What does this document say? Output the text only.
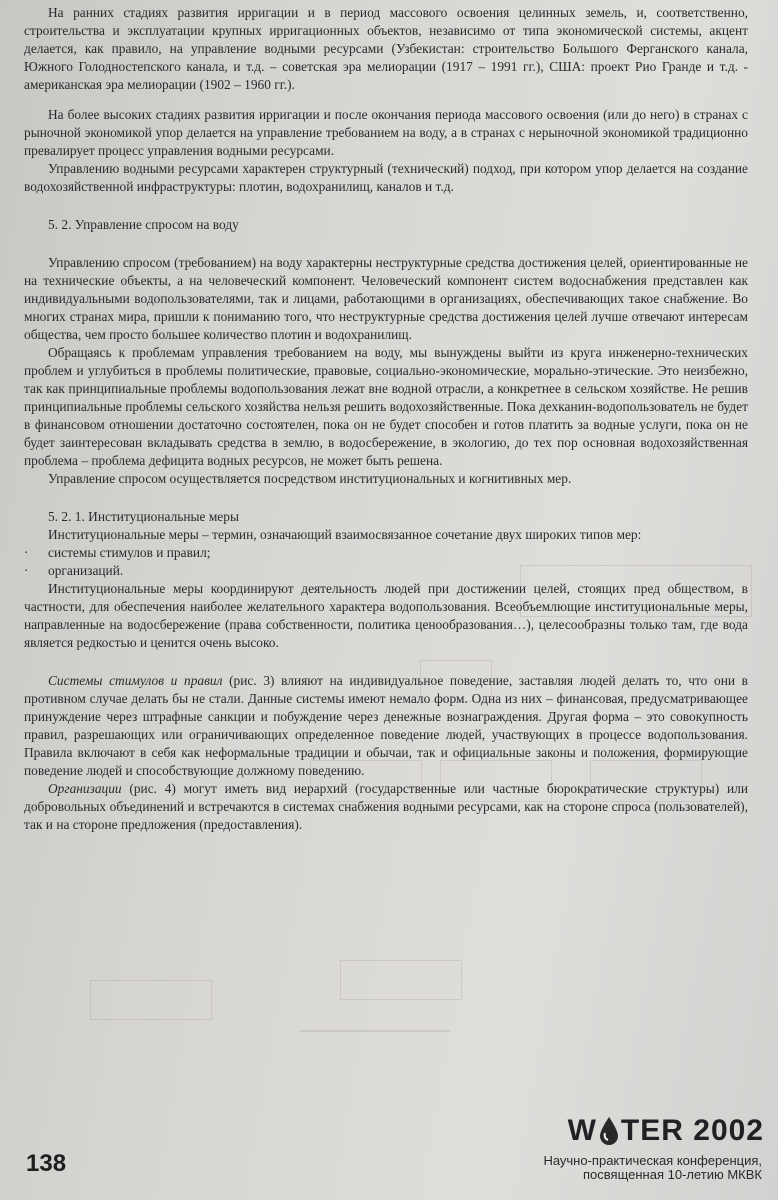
На ранних стадиях развития ирригации и в период массового освоения целинных земель, и, соответственно, строительства и эксплуатации крупных ирригационных объектов, независимо от типа экономической системы, акцент делается, как правило, на управление водными ресурсами (Узбекистан: строительство Большого Ферганского канала, Южного Голодностепского канала, и т.д. – советская эра мелиорации (1917 – 1991 гг.), США: проект Рио Гранде и т.д. - американская эра мелиорации (1902 – 1960 гг.).

На более высоких стадиях развития ирригации и после окончания периода массового освоения (или до него) в странах с рыночной экономикой упор делается на управление требованием на воду, а в странах с нерыночной экономикой традиционно превалирует процесс управления водными ресурсами.

Управлению водными ресурсами характерен структурный (технический) подход, при котором упор делается на создание водохозяйственной инфраструктуры: плотин, водохранилищ, каналов и т.д.

5. 2. Управление спросом на воду

Управлению спросом (требованием) на воду характерны неструктурные средства достижения целей, ориентированные не на технические объекты, а на человеческий компонент. Человеческий компонент систем водоснабжения представлен как индивидуальными водопользователями, так и лицами, работающими в организациях, обеспечивающих такое снабжение. Во многих странах мира, пришли к пониманию того, что неструктурные средства достижения целей лучше отвечают интересам общества, чем просто большее количество плотин и водохранилищ.

Обращаясь к проблемам управления требованием на воду, мы вынуждены выйти из круга инженерно-технических проблем и углубиться в проблемы политические, правовые, социально-экономические, морально-этические. Это неизбежно, так как принципиальные проблемы водопользования лежат вне водной отрасли, а конкретнее в сельском хозяйстве. Не решив принципиальные проблемы сельского хозяйства нельзя решить водохозяйственные. Пока дехканин-водопользователь не будет в финансовом отношении достаточно состоятелен, пока он не будет способен и готов платить за водные услуги, пока он не будет заинтересован вкладывать средства в землю, в водосбережение, в экологию, до тех пор основная водохозяйственная проблема – проблема дефицита водных ресурсов, не может быть решена.

Управление спросом осуществляется посредством институциональных и когнитивных мер.

5. 2. 1. Институциональные меры

Институциональные меры – термин, означающий взаимосвязанное сочетание двух широких типов мер:

· системы стимулов и правил;

· организаций.

Институциональные меры координируют деятельность людей при достижении целей, стоящих пред обществом, в частности, для обеспечения наиболее желательного характера водопользования. Всеобъемлющие институциональные меры, направленные на водосбережение (права собственности, политика ценообразования…), целесообразны только там, где вода является редкостью и ценится очень высоко.

Системы стимулов и правил (рис. 3) влияют на индивидуальное поведение, заставляя людей делать то, что они в противном случае делать бы не стали. Данные системы имеют немало форм. Одна из них – финансовая, предусматривающее принуждение через штрафные санкции и побуждение через денежные вознаграждения. Другая форма – это совокупность правил, разрешающих или ограничивающих определенное поведение людей, участвующих в процессе водопользования. Правила включают в себя как неформальные традиции и обычаи, так и официальные законы и положения, формирующие поведение людей и способствующие должному поведению.

Организации (рис. 4) могут иметь вид иерархий (государственные или частные бюрократические структуры) или добровольных объединений и встречаются в системах снабжения водными ресурсами, как на стороне спроса (пользователей), так и на стороне предложения (предоставления).

138
W TER 2002
Научно-практическая конференция,
посвященная 10-летию МКВК
